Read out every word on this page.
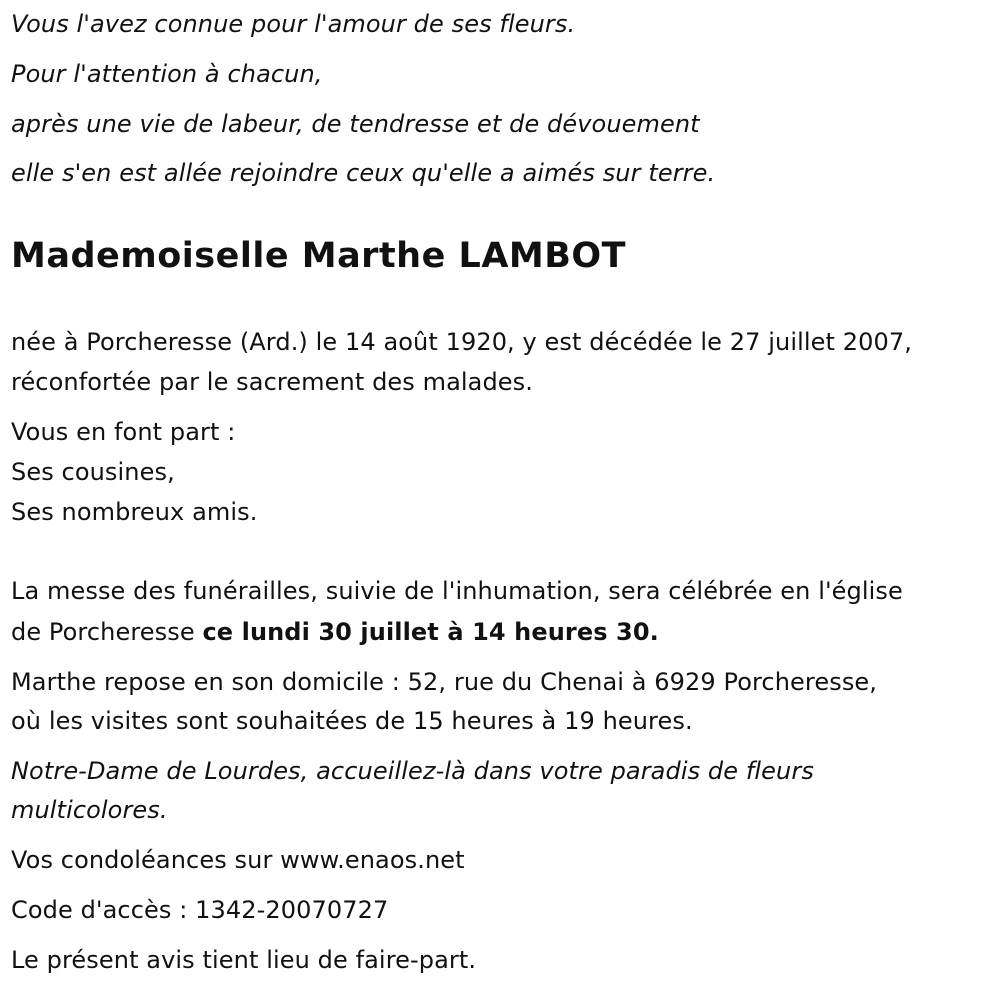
Vous l'avez connue pour l'amour de ses fleurs.
Pour l'attention à chacun,
après une vie de labeur, de tendresse et de dévouement
elle s'en est allée rejoindre ceux qu'elle a aimés sur terre.
Mademoiselle Marthe LAMBOT
née à Porcheresse (Ard.) le 14 août 1920, y est décédée le 27 juillet 2007,
réconfortée par le sacrement des malades.
Vous en font part :
Ses cousines,
Ses nombreux amis.
La messe des funérailles, suivie de l'inhumation, sera célébrée en l'église
de Porcheresse ce lundi 30 juillet à 14 heures 30.
Marthe repose en son domicile : 52, rue du Chenai à 6929 Porcheresse,
où les visites sont souhaitées de 15 heures à 19 heures.
Notre-Dame de Lourdes, accueillez-là dans votre paradis de fleurs
multicolores.
Vos condoléances sur www.enaos.net
Code d'accès : 1342-20070727
Le présent avis tient lieu de faire-part.
